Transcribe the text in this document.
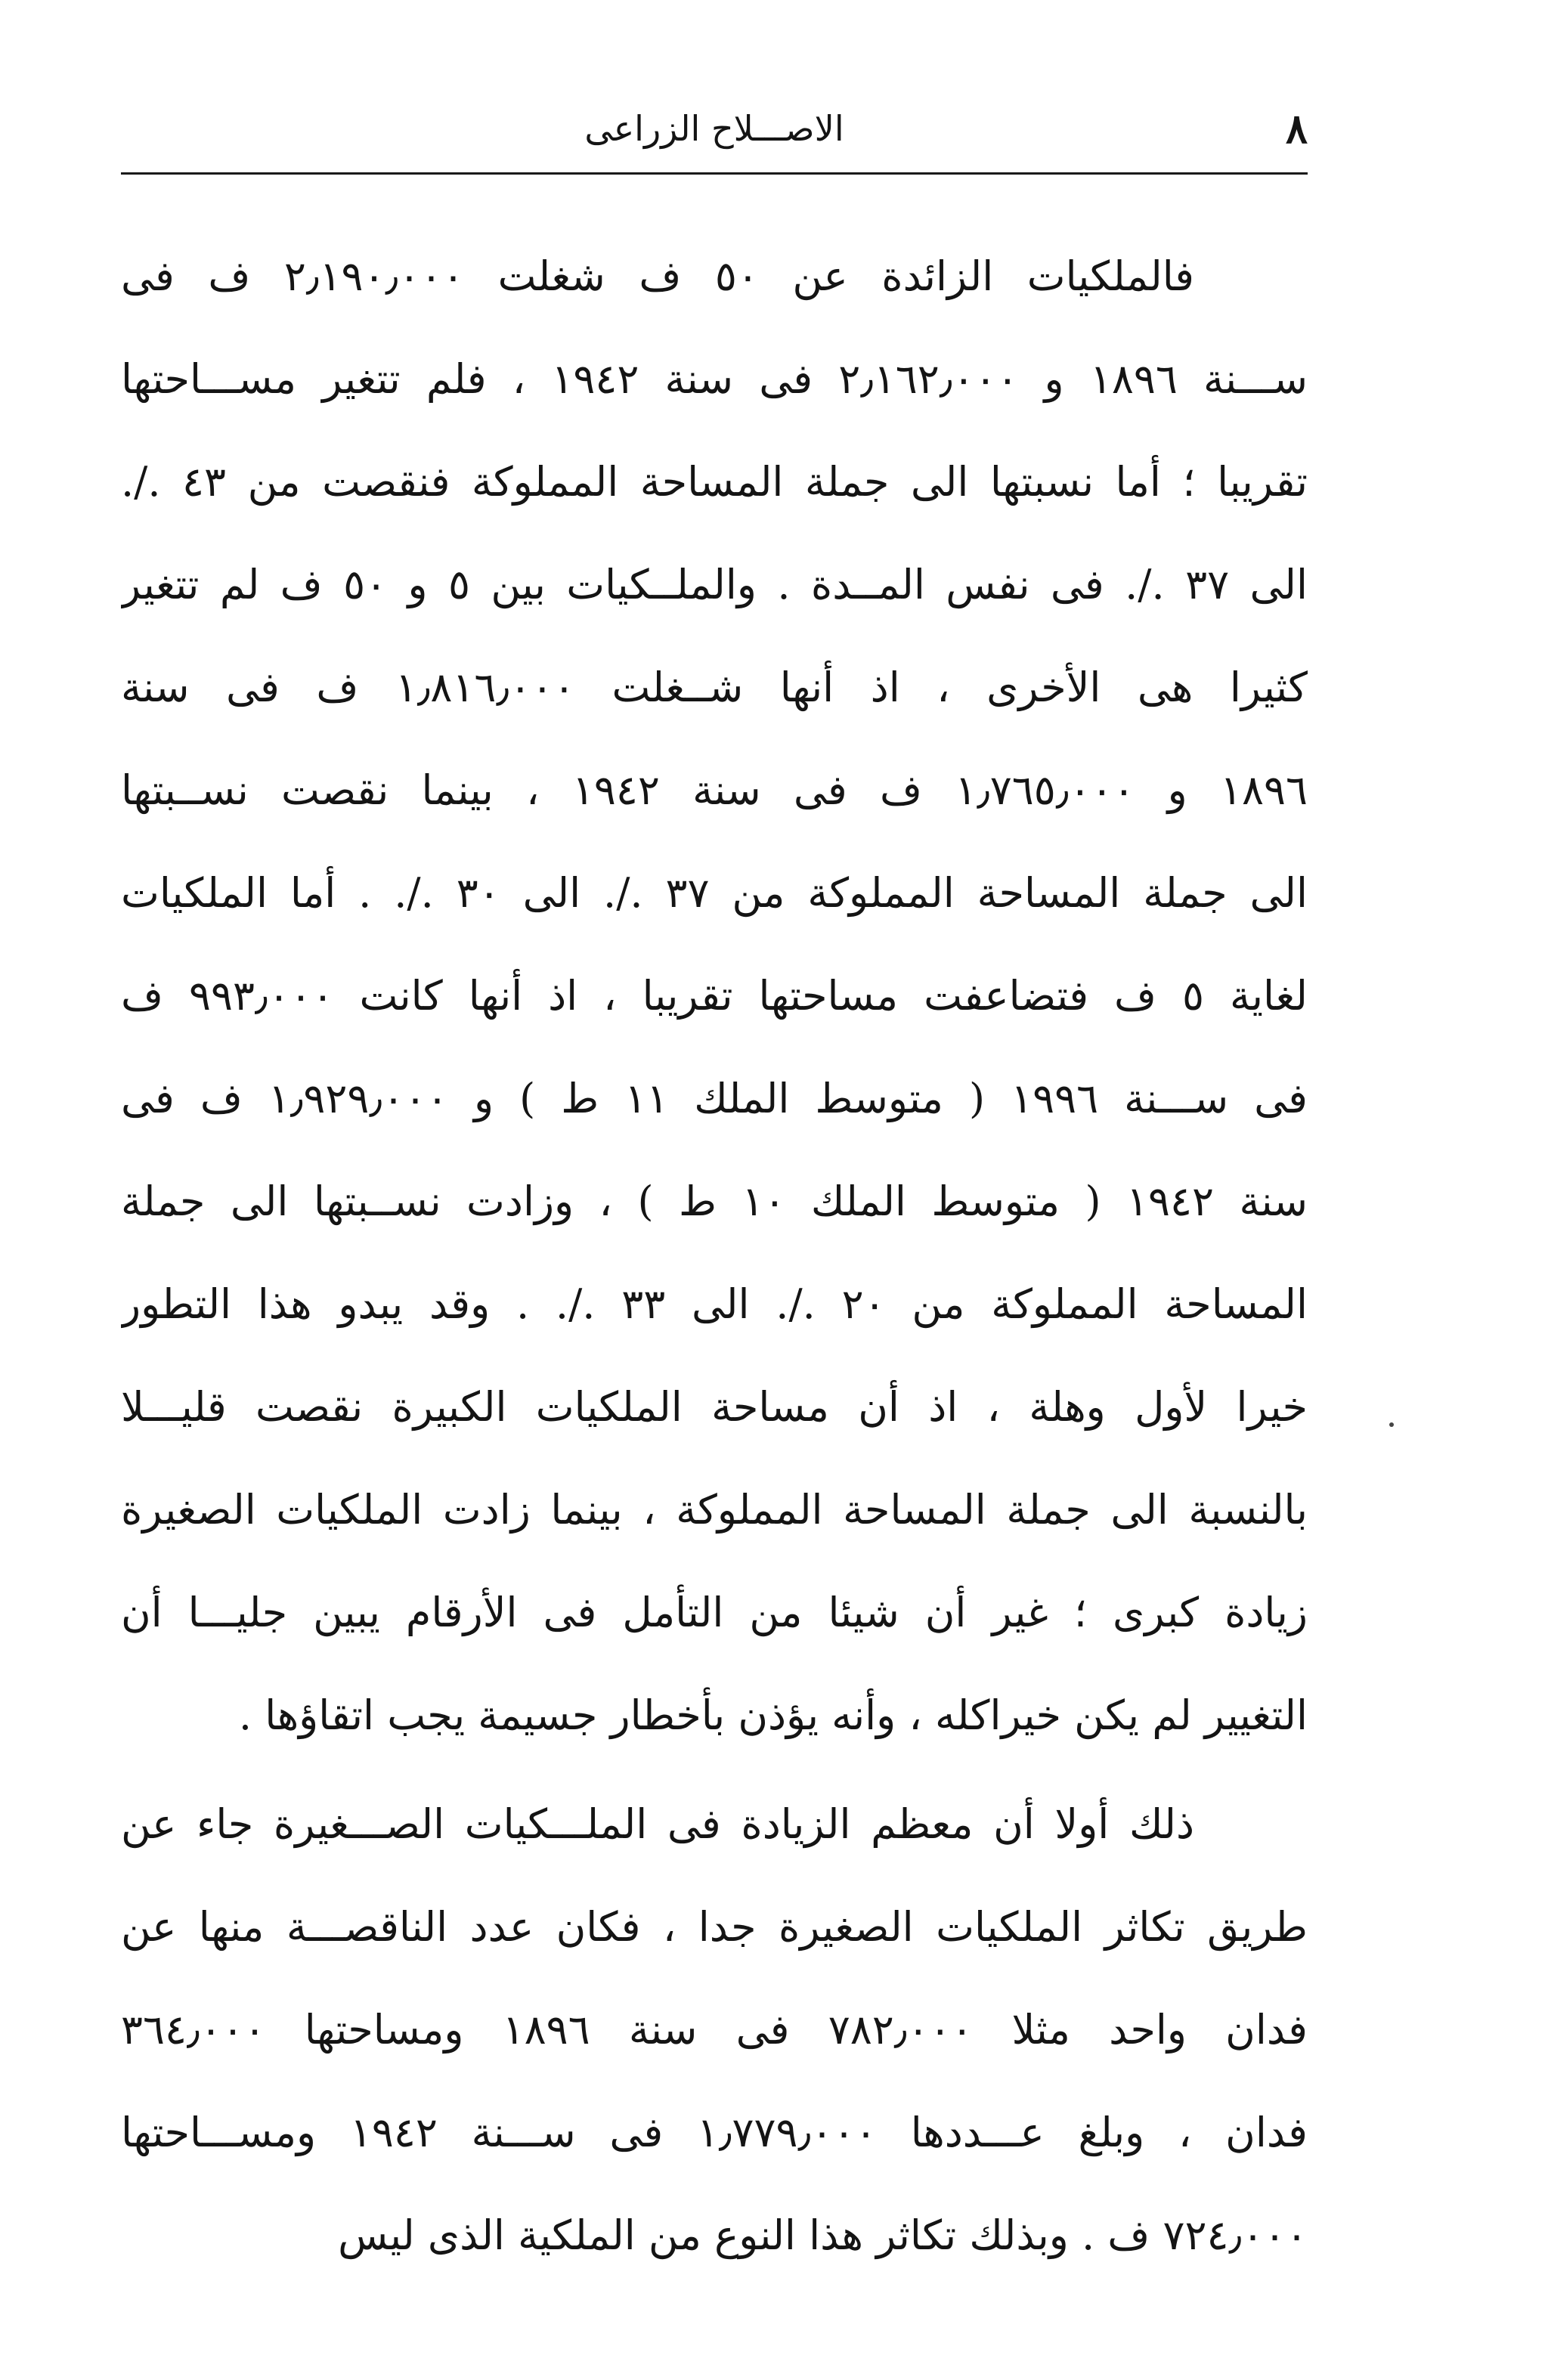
٨
الاصـــلاح الزراعى
فالملكيات الزائدة عن ٥٠ ف شغلت ٢٫١٩٠٫٠٠٠ ف فى
ســـنة ١٨٩٦ و ٢٫١٦٢٫٠٠٠ فى سنة ١٩٤٢ ، فلم تتغير مســـاحتها
تقريبا ؛ أما نسبتها الى جملة المساحة المملوكة فنقصت من ٤٣ ./.
الى ٣٧ ./. فى نفس المــدة . والملــكيات بين ٥ و ٥٠ ف لم تتغير
كثيرا هى الأخرى ، اذ أنها شــغلت ١٫٨١٦٫٠٠٠ ف فى سنة
١٨٩٦ و ١٫٧٦٥٫٠٠٠ ف فى سنة ١٩٤٢ ، بينما نقصت نســبتها
الى جملة المساحة المملوكة من ٣٧ ./. الى ٣٠ ./. . أما الملكيات
لغاية ٥ ف فتضاعفت مساحتها تقريبا ، اذ أنها كانت ٩٩٣٫٠٠٠ ف
فى ســـنة ١٩٩٦ ( متوسط الملك ١١ ط ) و ١٫٩٢٩٫٠٠٠ ف فى
سنة ١٩٤٢ ( متوسط الملك ١٠ ط ) ، وزادت نســبتها الى جملة
المساحة المملوكة من ٢٠ ./. الى ٣٣ ./. . وقد يبدو هذا التطور
خيرا لأول وهلة ، اذ أن مساحة الملكيات الكبيرة نقصت قليـــلا
بالنسبة الى جملة المساحة المملوكة ، بينما زادت الملكيات الصغيرة
زيادة كبرى ؛ غير أن شيئا من التأمل فى الأرقام يبين جليـــا أن
التغيير لم يكن خيراكله ، وأنه يؤذن بأخطار جسيمة يجب اتقاؤها .
ذلك أولا أن معظم الزيادة فى الملـــكيات الصـــغيرة جاء عن
طريق تكاثر الملكيات الصغيرة جدا ، فكان عدد الناقصـــة منها عن
فدان واحد مثلا ٧٨٢٫٠٠٠ فى سنة ١٨٩٦ ومساحتها ٣٦٤٫٠٠٠
فدان ، وبلغ عـــددها ١٫٧٧٩٫٠٠٠ فى ســـنة ١٩٤٢ ومســـاحتها
٧٢٤٫٠٠٠ ف . وبذلك تكاثر هذا النوع من الملكية الذى ليس
